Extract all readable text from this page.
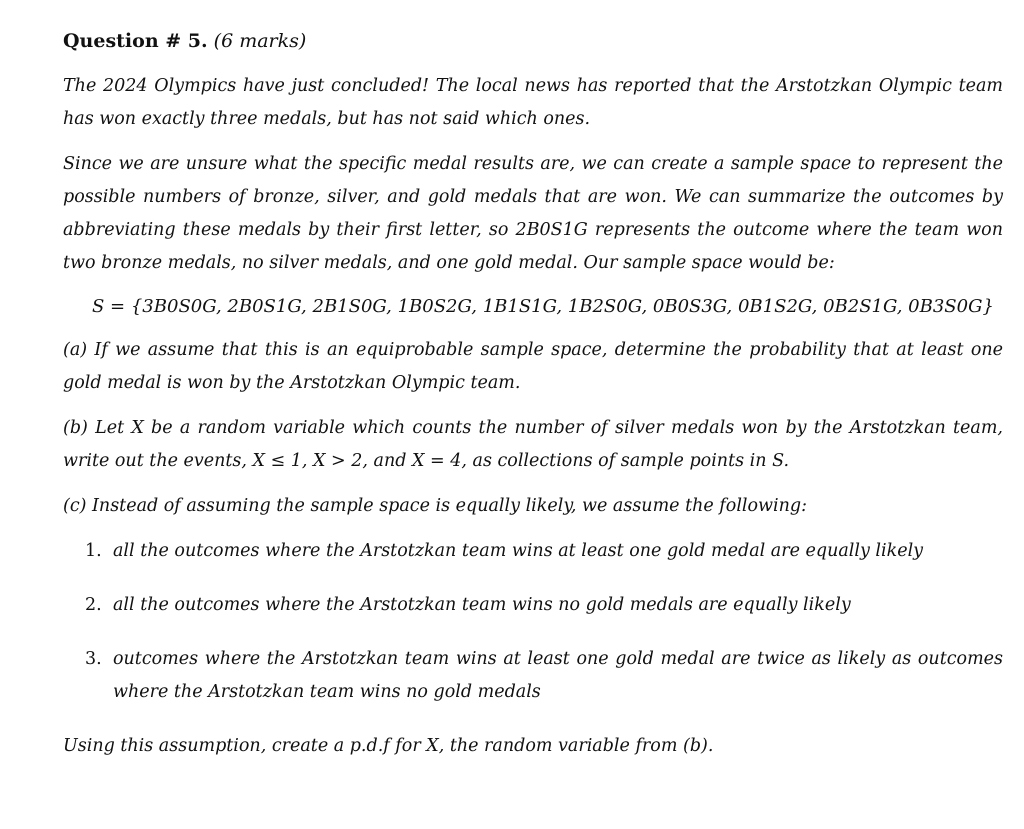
Question # 5. (6 marks)

The 2024 Olympics have just concluded! The local news has reported that the Arstotzkan Olympic team has won exactly three medals, but has not said which ones.

Since we are unsure what the specific medal results are, we can create a sample space to represent the possible numbers of bronze, silver, and gold medals that are won. We can summarize the outcomes by abbreviating these medals by their first letter, so 2B0S1G represents the outcome where the team won two bronze medals, no silver medals, and one gold medal. Our sample space would be:

S = {3B0S0G, 2B0S1G, 2B1S0G, 1B0S2G, 1B1S1G, 1B2S0G, 0B0S3G, 0B1S2G, 0B2S1G, 0B3S0G}

(a) If we assume that this is an equiprobable sample space, determine the probability that at least one gold medal is won by the Arstotzkan Olympic team.

(b) Let X be a random variable which counts the number of silver medals won by the Arstotzkan team, write out the events, X ≤ 1, X > 2, and X = 4, as collections of sample points in S.

(c) Instead of assuming the sample space is equally likely, we assume the following:

1. all the outcomes where the Arstotzkan team wins at least one gold medal are equally likely
2. all the outcomes where the Arstotzkan team wins no gold medals are equally likely
3. outcomes where the Arstotzkan team wins at least one gold medal are twice as likely as outcomes where the Arstotzkan team wins no gold medals

Using this assumption, create a p.d.f for X, the random variable from (b).
